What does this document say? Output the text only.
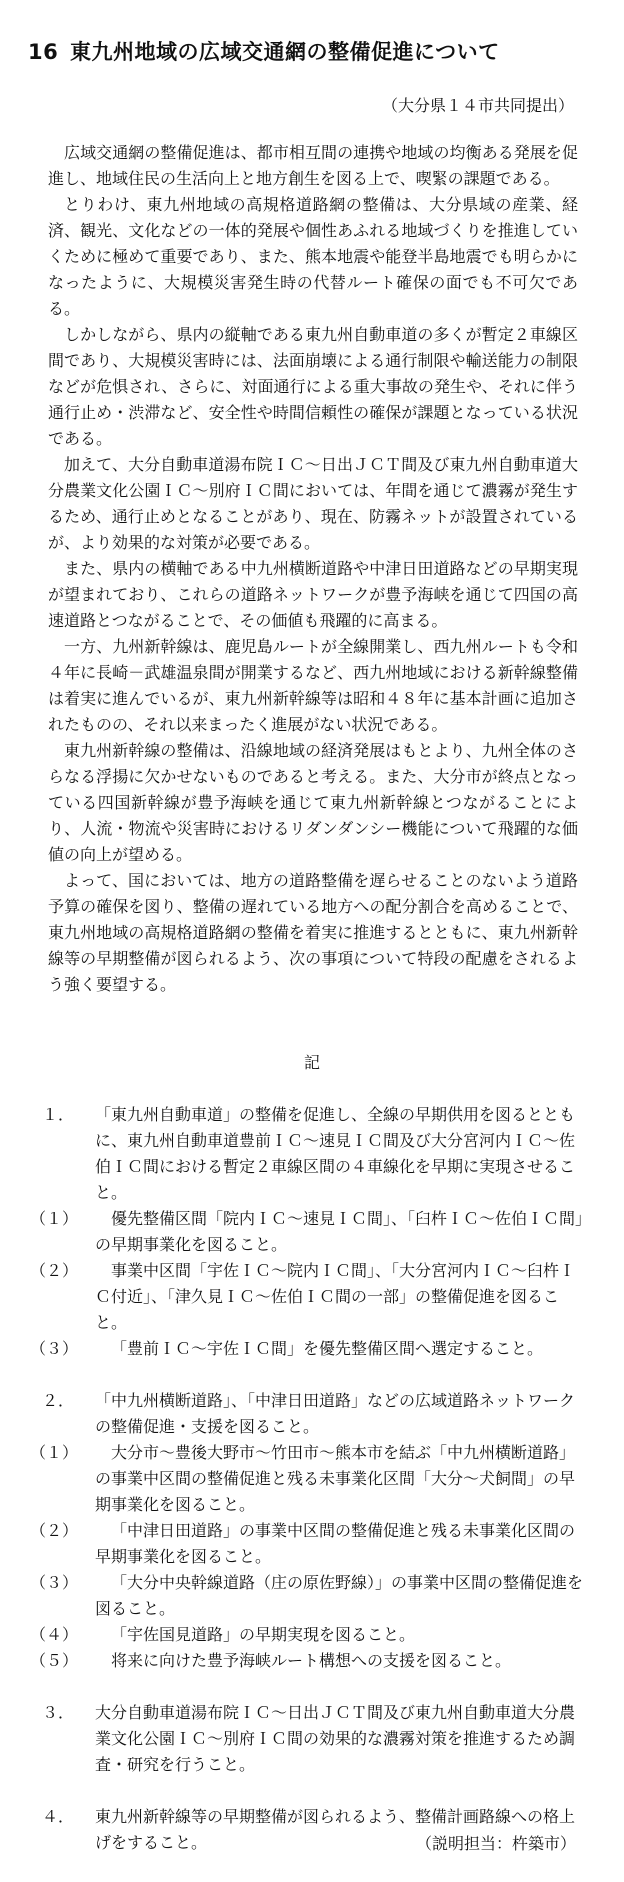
16 東九州地域の広域交通網の整備促進について
（大分県１４市共同提出）

広域交通網の整備促進は、都市相互間の連携や地域の均衡ある発展を促進し、地域住民の生活向上と地方創生を図る上で、喫緊の課題である。

とりわけ、東九州地域の高規格道路網の整備は、大分県域の産業、経済、観光、文化などの一体的発展や個性あふれる地域づくりを推進していくために極めて重要であり、また、熊本地震や能登半島地震でも明らかになったように、大規模災害発生時の代替ルート確保の面でも不可欠である。

しかしながら、県内の縦軸である東九州自動車道の多くが暫定２車線区間であり、大規模災害時には、法面崩壊による通行制限や輸送能力の制限などが危惧され、さらに、対面通行による重大事故の発生や、それに伴う通行止め・渋滞など、安全性や時間信頼性の確保が課題となっている状況である。

加えて、大分自動車道湯布院ＩＣ～日出ＪＣＴ間及び東九州自動車道大分農業文化公園ＩＣ～別府ＩＣ間においては、年間を通じて濃霧が発生するため、通行止めとなることがあり、現在、防霧ネットが設置されているが、より効果的な対策が必要である。

また、県内の横軸である中九州横断道路や中津日田道路などの早期実現が望まれており、これらの道路ネットワークが豊予海峡を通じて四国の高速道路とつながることで、その価値も飛躍的に高まる。

一方、九州新幹線は、鹿児島ルートが全線開業し、西九州ルートも令和４年に長崎－武雄温泉間が開業するなど、西九州地域における新幹線整備は着実に進んでいるが、東九州新幹線等は昭和４８年に基本計画に追加されたものの、それ以来まったく進展がない状況である。

東九州新幹線の整備は、沿線地域の経済発展はもとより、九州全体のさらなる浮揚に欠かせないものであると考える。また、大分市が終点となっている四国新幹線が豊予海峡を通じて東九州新幹線とつながることにより、人流・物流や災害時におけるリダンダンシー機能について飛躍的な価値の向上が望める。

よって、国においては、地方の道路整備を遅らせることのないよう道路予算の確保を図り、整備の遅れている地方への配分割合を高めることで、東九州地域の高規格道路網の整備を着実に推進するとともに、東九州新幹線等の早期整備が図られるよう、次の事項について特段の配慮をされるよう強く要望する。

記

１． 「東九州自動車道」の整備を促進し、全線の早期供用を図るとともに、東九州自動車道豊前ＩＣ～速見ＩＣ間及び大分宮河内ＩＣ～佐伯ＩＣ間における暫定２車線区間の４車線化を早期に実現させること。

（１）	優先整備区間「院内ＩＣ～速見ＩＣ間」、「臼杵ＩＣ～佐伯ＩＣ間」の早期事業化を図ること。

（２）	事業中区間「宇佐ＩＣ～院内ＩＣ間」、「大分宮河内ＩＣ～臼杵ＩＣ付近」、「津久見ＩＣ～佐伯ＩＣ間の一部」の整備促進を図ること。

（３）	「豊前ＩＣ～宇佐ＩＣ間」を優先整備区間へ選定すること。

２． 「中九州横断道路」、「中津日田道路」などの広域道路ネットワークの整備促進・支援を図ること。

（１）	大分市～豊後大野市～竹田市～熊本市を結ぶ「中九州横断道路」の事業中区間の整備促進と残る未事業化区間「大分～犬飼間」の早期事業化を図ること。

（２）	「中津日田道路」の事業中区間の整備促進と残る未事業化区間の早期事業化を図ること。

（３）	「大分中央幹線道路（庄の原佐野線）」の事業中区間の整備促進を図ること。

（４）	「宇佐国見道路」の早期実現を図ること。

（５）	将来に向けた豊予海峡ルート構想への支援を図ること。

３． 大分自動車道湯布院ＩＣ～日出ＪＣＴ間及び東九州自動車道大分農業文化公園ＩＣ～別府ＩＣ間の効果的な濃霧対策を推進するため調査・研究を行うこと。

４． 東九州新幹線等の早期整備が図られるよう、整備計画路線への格上げをすること。	（説明担当：杵築市）
